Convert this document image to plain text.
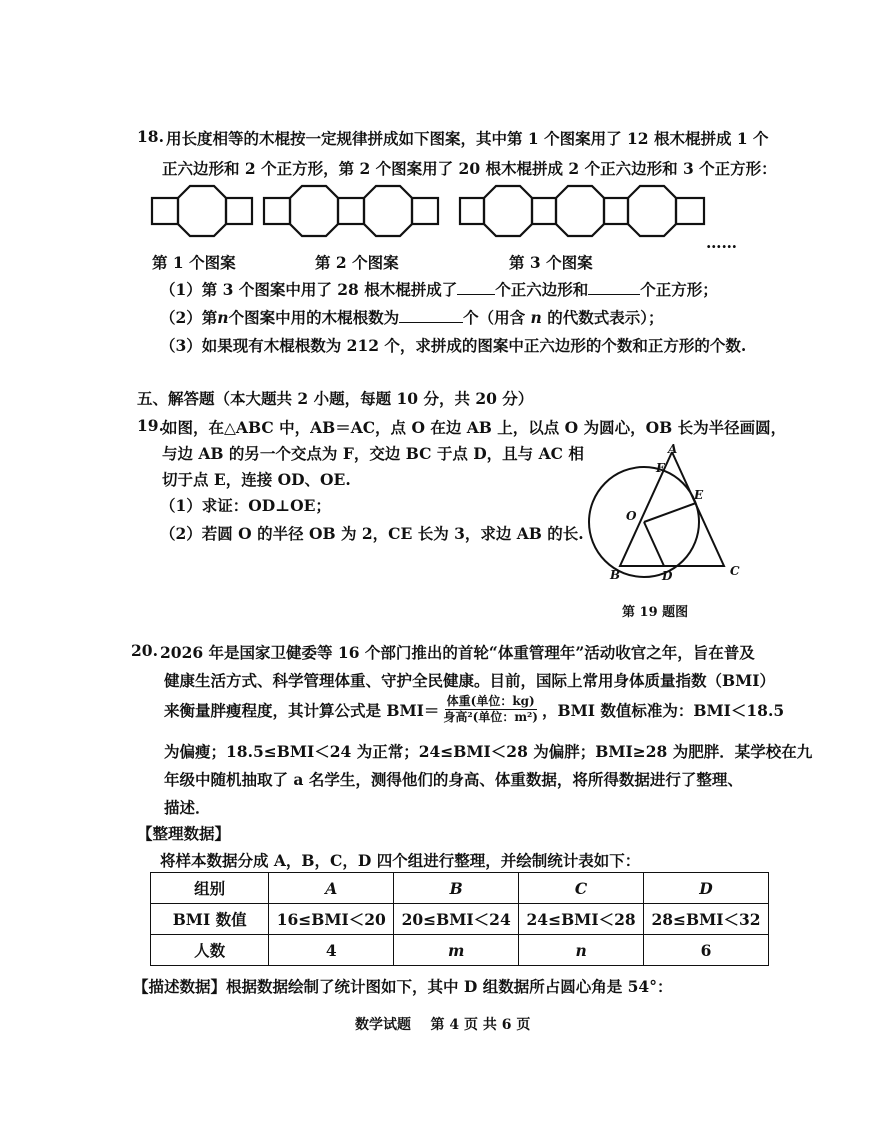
18. 用长度相等的木棍按一定规律拼成如下图案，其中第 1 个图案用了 12 根木棍拼成 1 个
正六边形和 2 个正方形，第 2 个图案用了 20 根木棍拼成 2 个正六边形和 3 个正方形：
第 1 个图案	第 2 个图案	第 3 个图案
……
（1）第 3 个图案中用了 28 根木棍拼成了 个正六边形和	个正方形；
（2）第n个图案中用的木棍根数为	个（用含 n 的代数式表示）；
（3）如果现有木棍根数为 212 个，求拼成的图案中正六边形的个数和正方形的个数.
五、解答题（本大题共 2 小题，每题 10 分，共 20 分）
19.
如图，在△ABC 中，AB＝AC，点 O 在边 AB 上，以点 O 为圆心，OB 长为半径画圆，
与边 AB 的另一个交点为 F，交边 BC 于点 D，且与 AC 相
切于点 E，连接 OD、OE.
（1）求证：OD⊥OE；
（2）若圆 O 的半径 OB 为 2，CE 长为 3，求边 AB 的长.
A
F
E
O
B	D	C
第 19 题图
20. 2026 年是国家卫健委等 16 个部门推出的首轮“体重管理年”活动收官之年，旨在普及
健康生活方式、科学管理体重、守护全民健康。目前，国际上常用身体质量指数（BMI）
来衡量胖瘦程度，其计算公式是 $BMI= \frac{\text{体重(单位：kg)}}{\text{身高²(单位：m²)}}$ ，BMI 数值标准为：BMI＜18.5
为偏瘦；18.5≤BMI＜24 为正常；24≤BMI＜28 为偏胖；BMI≥28 为肥胖．某学校在九
年级中随机抽取了 a 名学生，测得他们的身高、体重数据，将所得数据进行了整理、
描述．
【整理数据】
将样本数据分成 A，B，C，D 四个组进行整理，并绘制统计表如下：
组别	A	B	C	D
BMI 数值	16≤BMI＜20	20≤BMI＜24	24≤BMI＜28	28≤BMI＜32
人数	4	m	n	6
【描述数据】根据数据绘制了统计图如下，其中 D 组数据所占圆心角是 54°：
数学试题    第 4 页 共 6 页
